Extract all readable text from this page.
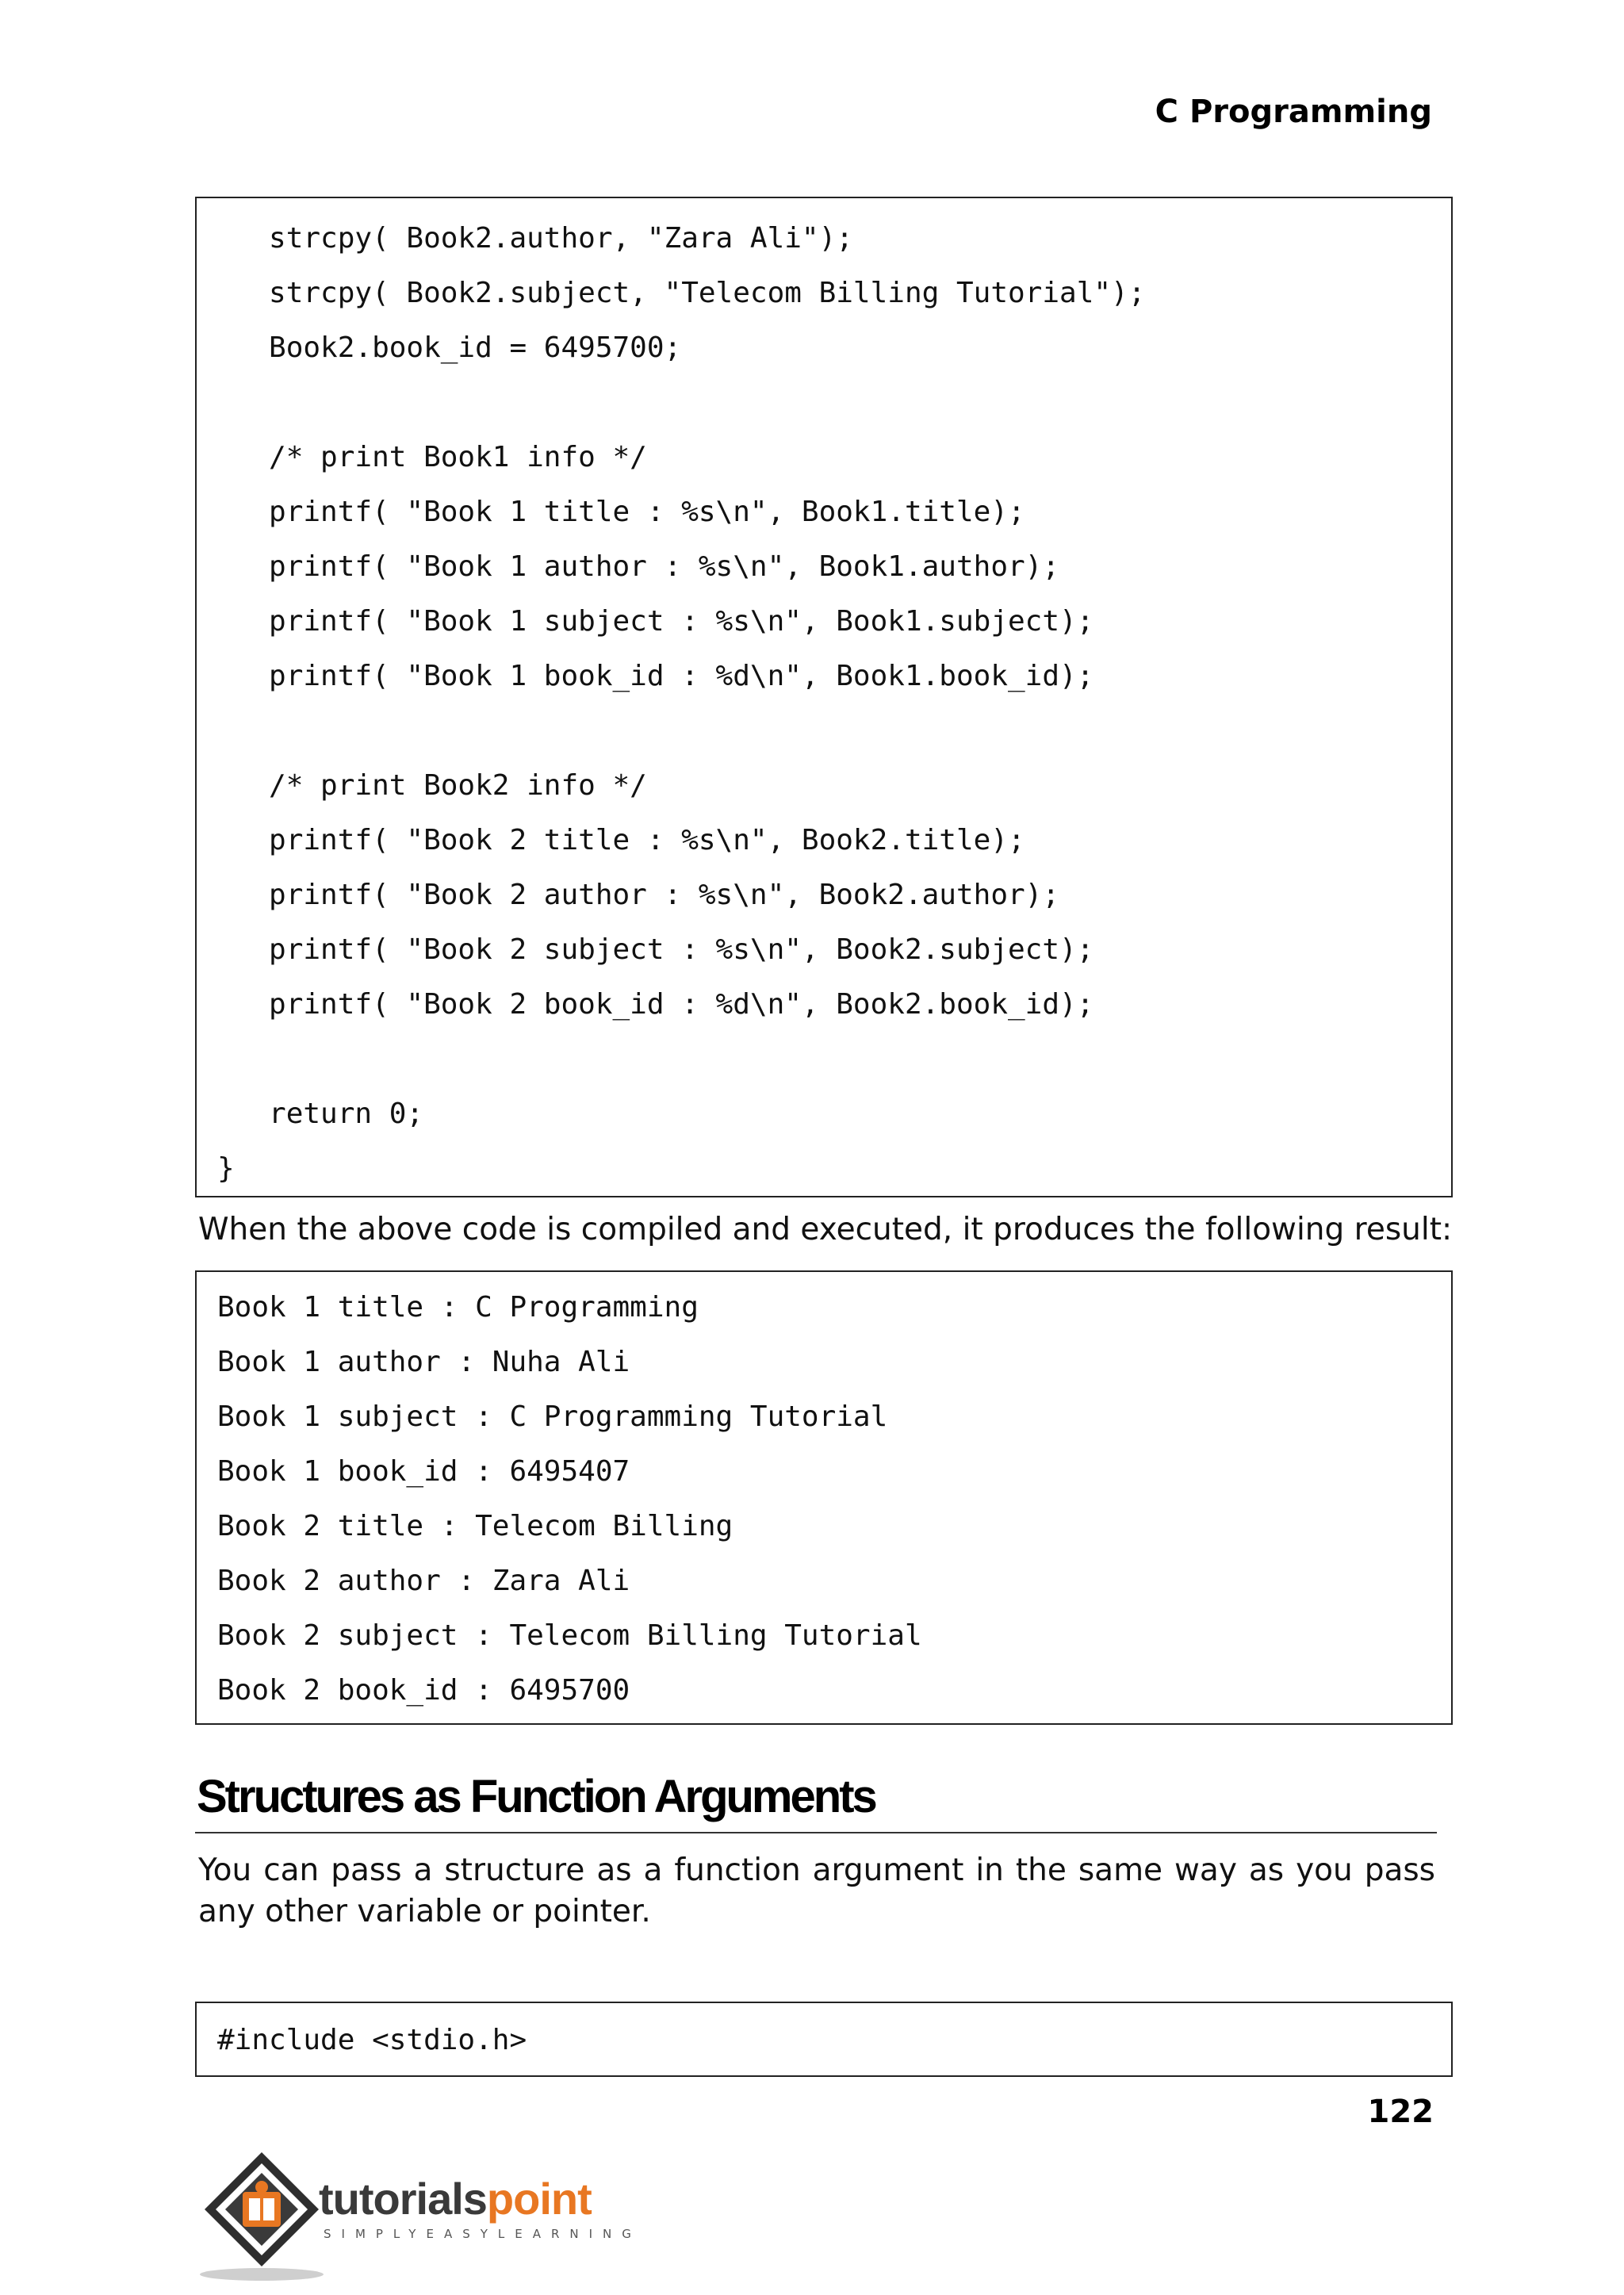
C Programming
strcpy( Book2.author, "Zara Ali");
strcpy( Book2.subject, "Telecom Billing Tutorial");
Book2.book_id = 6495700;
/* print Book1 info */
printf( "Book 1 title : %s\n", Book1.title);
printf( "Book 1 author : %s\n", Book1.author);
printf( "Book 1 subject : %s\n", Book1.subject);
printf( "Book 1 book_id : %d\n", Book1.book_id);
/* print Book2 info */
printf( "Book 2 title : %s\n", Book2.title);
printf( "Book 2 author : %s\n", Book2.author);
printf( "Book 2 subject : %s\n", Book2.subject);
printf( "Book 2 book_id : %d\n", Book2.book_id);
return 0;
}
When the above code is compiled and executed, it produces the following result:
Book 1 title : C Programming
Book 1 author : Nuha Ali
Book 1 subject : C Programming Tutorial
Book 1 book_id : 6495407
Book 2 title : Telecom Billing
Book 2 author : Zara Ali
Book 2 subject : Telecom Billing Tutorial
Book 2 book_id : 6495700
Structures as Function Arguments
You can pass a structure as a function argument in the same way as you pass any other variable or pointer.
#include <stdio.h>
122
tutorialspoint
SIMPLYEASYLEARNING
